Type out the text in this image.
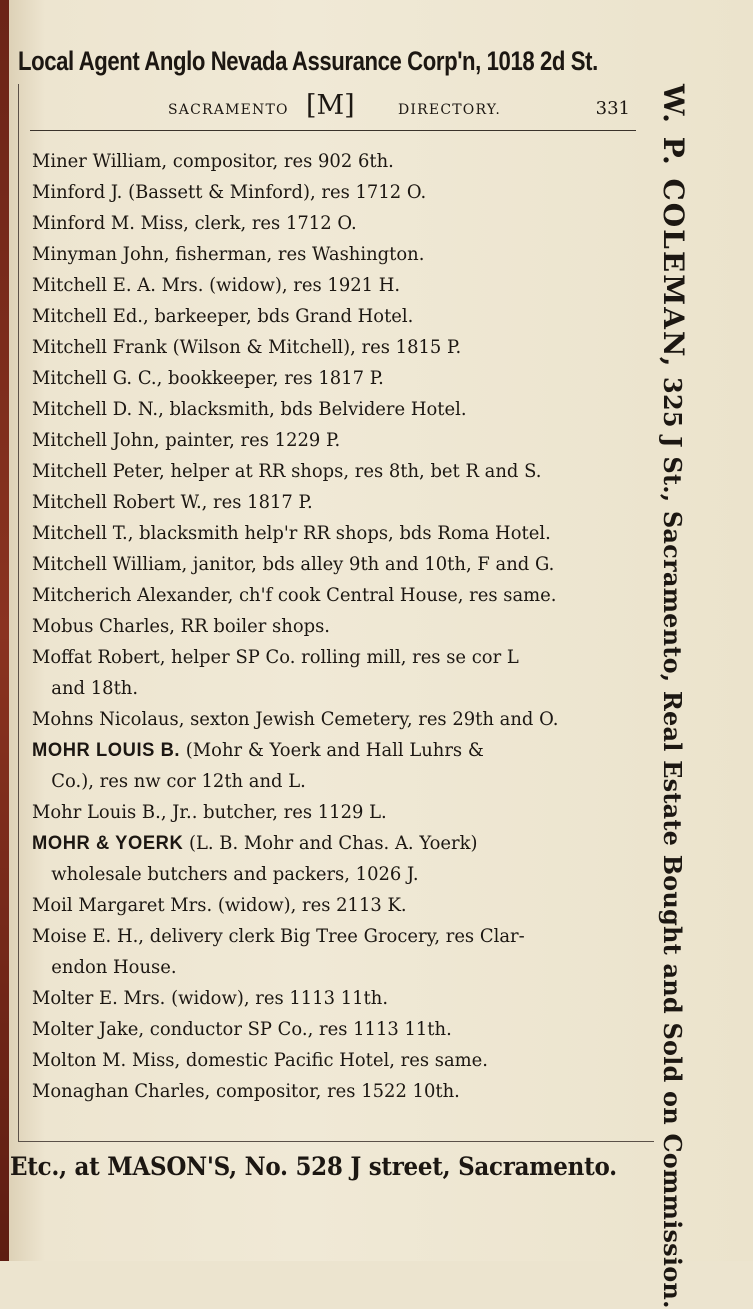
Local Agent Anglo Nevada Assurance Corp'n, 1018 2d St.
W. P. COLEMAN, 325 J St., Sacramento, Real Estate Bought and Sold on Commission.
SACRAMENTO [M]	DIRECTORY.	331
Miner William, compositor, res 902 6th.
Minford J. (Bassett & Minford), res 1712 O.
Minford M. Miss, clerk, res 1712 O.
Minyman John, fisherman, res Washington.
Mitchell E. A. Mrs. (widow), res 1921 H.
Mitchell Ed., barkeeper, bds Grand Hotel.
Mitchell Frank (Wilson & Mitchell), res 1815 P.
Mitchell G. C., bookkeeper, res 1817 P.
Mitchell D. N., blacksmith, bds Belvidere Hotel.
Mitchell John, painter, res 1229 P.
Mitchell Peter, helper at RR shops, res 8th, bet R and S.
Mitchell Robert W., res 1817 P.
Mitchell T., blacksmith help'r RR shops, bds Roma Hotel.
Mitchell William, janitor, bds alley 9th and 10th, F and G.
Mitcherich Alexander, ch'f cook Central House, res same.
Mobus Charles, RR boiler shops.
Moffat Robert, helper SP Co. rolling mill, res se cor L
and 18th.
Mohns Nicolaus, sexton Jewish Cemetery, res 29th and O.
MOHR LOUIS B. (Mohr & Yoerk and Hall Luhrs &
Co.), res nw cor 12th and L.
Mohr Louis B., Jr.. butcher, res 1129 L.
MOHR & YOERK (L. B. Mohr and Chas. A. Yoerk)
wholesale butchers and packers, 1026 J.
Moil Margaret Mrs. (widow), res 2113 K.
Moise E. H., delivery clerk Big Tree Grocery, res Clar-
endon House.
Molter E. Mrs. (widow), res 1113 11th.
Molter Jake, conductor SP Co., res 1113 11th.
Molton M. Miss, domestic Pacific Hotel, res same.
Monaghan Charles, compositor, res 1522 10th.
Etc., at MASON'S, No. 528 J street, Sacramento.
